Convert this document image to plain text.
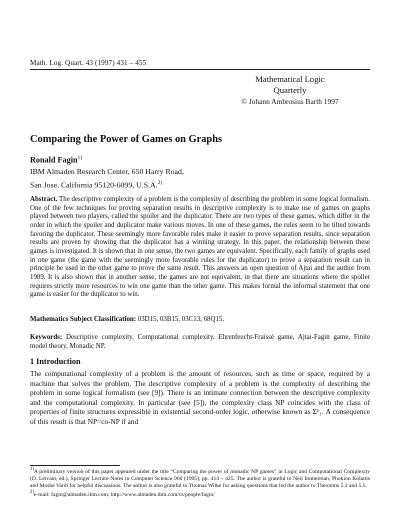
Math. Log. Quart. 43 (1997) 431 – 455
Mathematical Logic
Quarterly
© Johann Ambrosius Barth 1997
Comparing the Power of Games on Graphs
Ronald Fagin$^{1)}$
IBM Almaden Research Center, 650 Harry Road,
San Jose, California 95120-6099, U.S.A.$^{2)}$
Abstract. The descriptive complexity of a problem is the complexity of describing the problem in some logical formalism. One of the few techniques for proving separation results in descriptive complexity is to make use of games on graphs played between two players, called the spoiler and the duplicator. There are two types of these games, which differ in the order in which the spoiler and duplicator make various moves. In one of these games, the rules seem to be tilted towards favoring the duplicator. These seemingly more favorable rules make it easier to prove separation results, since separation results are proven by showing that the duplicator has a winning strategy. In this paper, the relationship between these games is investigated. It is shown that in one sense, the two games are equivalent. Specifically, each family of graphs used in one game (the game with the seemingly more favorable rules for the duplicator) to prove a separation result can in principle be used in the other game to prove the same result. This answers an open question of Ajtai and the author from 1989. It is also shown that in another sense, the games are not equivalent, in that there are situations where the spoiler requires strictly more resources to win one game than the other game. This makes formal the informal statement that one game is easier for the duplicator to win.
Mathematics Subject Classification: 03D15, 03B15, 03C13, 68Q15.
Keywords: Descriptive complexity, Computational complexity, Ehrenfeucht-Fraïssé game, Ajtai-Fagin game, Finite model theory, Monadic NP.
1 Introduction
The computational complexity of a problem is the amount of resources, such as time or space, required by a machine that solves the problem. The descriptive complexity of a problem is the complexity of describing the problem in some logical formalism (see [9]). There is an intimate connection between the descriptive complexity and the computational complexity. In particular (see [5]), the complexity class NP coincides with the class of properties of finite structures expressible in existential second-order logic, otherwise known as Σ¹₁. A consequence of this result is that NP=co-NP if and
$^{1)}$A preliminary version of this paper appeared under the title “Comparing the power of monadic NP games” in Logic and Computational Complexity (D. Leivant, ed.), Springer Lecture Notes in Computer Science 960 (1995), pp. 414 – 425. The author is grateful to Neil Immerman, Phokion Kolaitis and Moshe Vardi for helpful discussions. The author is also grateful to Thomas Wilke for asking questions that led the author to Theorems 5.3 and 5.5.
$^{2)}$e-mail: fagin@almaden.ibm.com; http://www.almaden.ibm.com/cs/people/fagin/
